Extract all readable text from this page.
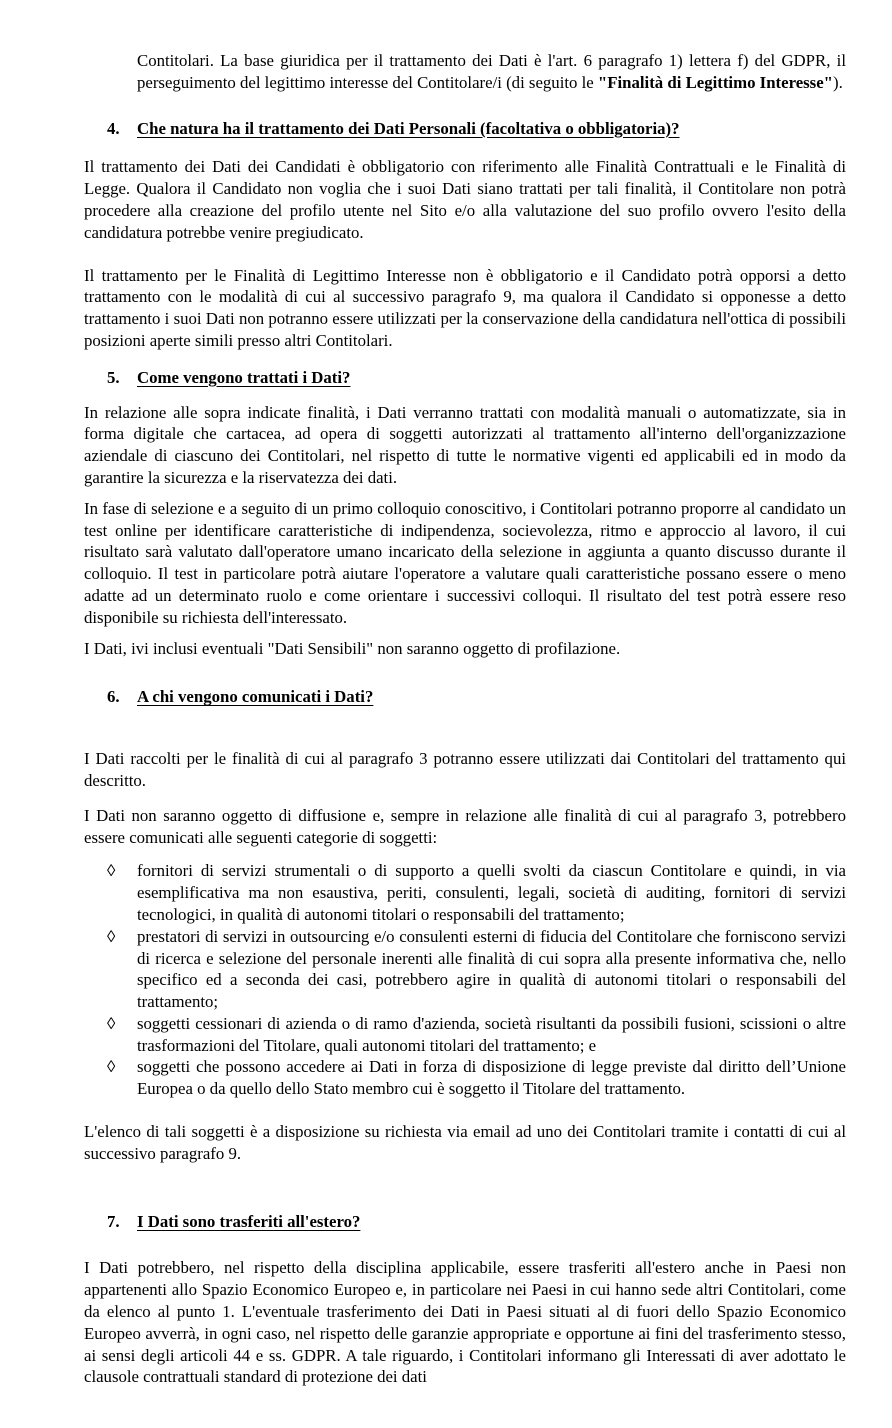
Contitolari. La base giuridica per il trattamento dei Dati è l'art. 6 paragrafo 1) lettera f) del GDPR, il perseguimento del legittimo interesse del Contitolare/i (di seguito le "Finalità di Legittimo Interesse").

4. Che natura ha il trattamento dei Dati Personali (facoltativa o obbligatoria)?

Il trattamento dei Dati dei Candidati è obbligatorio con riferimento alle Finalità Contrattuali e le Finalità di Legge. Qualora il Candidato non voglia che i suoi Dati siano trattati per tali finalità, il Contitolare non potrà procedere alla creazione del profilo utente nel Sito e/o alla valutazione del suo profilo ovvero l'esito della candidatura potrebbe venire pregiudicato.

Il trattamento per le Finalità di Legittimo Interesse non è obbligatorio e il Candidato potrà opporsi a detto trattamento con le modalità di cui al successivo paragrafo 9, ma qualora il Candidato si opponesse a detto trattamento i suoi Dati non potranno essere utilizzati per la conservazione della candidatura nell'ottica di possibili posizioni aperte simili presso altri Contitolari.

5. Come vengono trattati i Dati?

In relazione alle sopra indicate finalità, i Dati verranno trattati con modalità manuali o automatizzate, sia in forma digitale che cartacea, ad opera di soggetti autorizzati al trattamento all'interno dell'organizzazione aziendale di ciascuno dei Contitolari, nel rispetto di tutte le normative vigenti ed applicabili ed in modo da garantire la sicurezza e la riservatezza dei dati.

In fase di selezione e a seguito di un primo colloquio conoscitivo, i Contitolari potranno proporre al candidato un test online per identificare caratteristiche di indipendenza, socievolezza, ritmo e approccio al lavoro, il cui risultato sarà valutato dall'operatore umano incaricato della selezione in aggiunta a quanto discusso durante il colloquio. Il test in particolare potrà aiutare l'operatore a valutare quali caratteristiche possano essere o meno adatte ad un determinato ruolo e come orientare i successivi colloqui. Il risultato del test potrà essere reso disponibile su richiesta dell'interessato.

I Dati, ivi inclusi eventuali "Dati Sensibili" non saranno oggetto di profilazione.

6. A chi vengono comunicati i Dati?

I Dati raccolti per le finalità di cui al paragrafo 3 potranno essere utilizzati dai Contitolari del trattamento qui descritto.

I Dati non saranno oggetto di diffusione e, sempre in relazione alle finalità di cui al paragrafo 3, potrebbero essere comunicati alle seguenti categorie di soggetti:

◊ fornitori di servizi strumentali o di supporto a quelli svolti da ciascun Contitolare e quindi, in via esemplificativa ma non esaustiva, periti, consulenti, legali, società di auditing, fornitori di servizi tecnologici, in qualità di autonomi titolari o responsabili del trattamento;
◊ prestatori di servizi in outsourcing e/o consulenti esterni di fiducia del Contitolare che forniscono servizi di ricerca e selezione del personale inerenti alle finalità di cui sopra alla presente informativa che, nello specifico ed a seconda dei casi, potrebbero agire in qualità di autonomi titolari o responsabili del trattamento;
◊ soggetti cessionari di azienda o di ramo d'azienda, società risultanti da possibili fusioni, scissioni o altre trasformazioni del Titolare, quali autonomi titolari del trattamento; e
◊ soggetti che possono accedere ai Dati in forza di disposizione di legge previste dal diritto dell’Unione Europea o da quello dello Stato membro cui è soggetto il Titolare del trattamento.

L'elenco di tali soggetti è a disposizione su richiesta via email ad uno dei Contitolari tramite i contatti di cui al successivo paragrafo 9.

7. I Dati sono trasferiti all'estero?

I Dati potrebbero, nel rispetto della disciplina applicabile, essere trasferiti all'estero anche in Paesi non appartenenti allo Spazio Economico Europeo e, in particolare nei Paesi in cui hanno sede altri Contitolari, come da elenco al punto 1. L'eventuale trasferimento dei Dati in Paesi situati al di fuori dello Spazio Economico Europeo avverrà, in ogni caso, nel rispetto delle garanzie appropriate e opportune ai fini del trasferimento stesso, ai sensi degli articoli 44 e ss. GDPR. A tale riguardo, i Contitolari informano gli Interessati di aver adottato le clausole contrattuali standard di protezione dei dati
